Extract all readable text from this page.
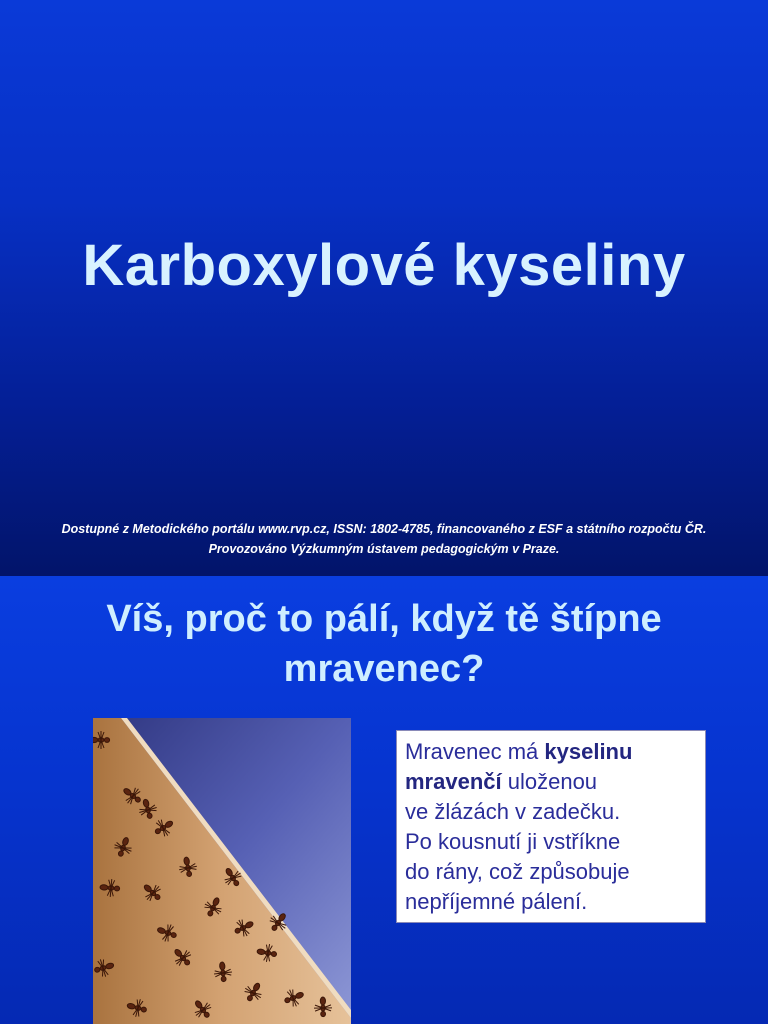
Karboxylové kyseliny
Dostupné z Metodického portálu www.rvp.cz, ISSN: 1802-4785, financovaného z ESF a státního rozpočtu ČR.
Provozováno Výzkumným ústavem pedagogickým v Praze.
Víš, proč to pálí, když tě štípne
mravenec?
Mravenec má kyselinu mravenčí uloženou
ve žlázách v zadečku.
Po kousnutí ji vstříkne
do rány, což způsobuje
nepříjemné pálení.
